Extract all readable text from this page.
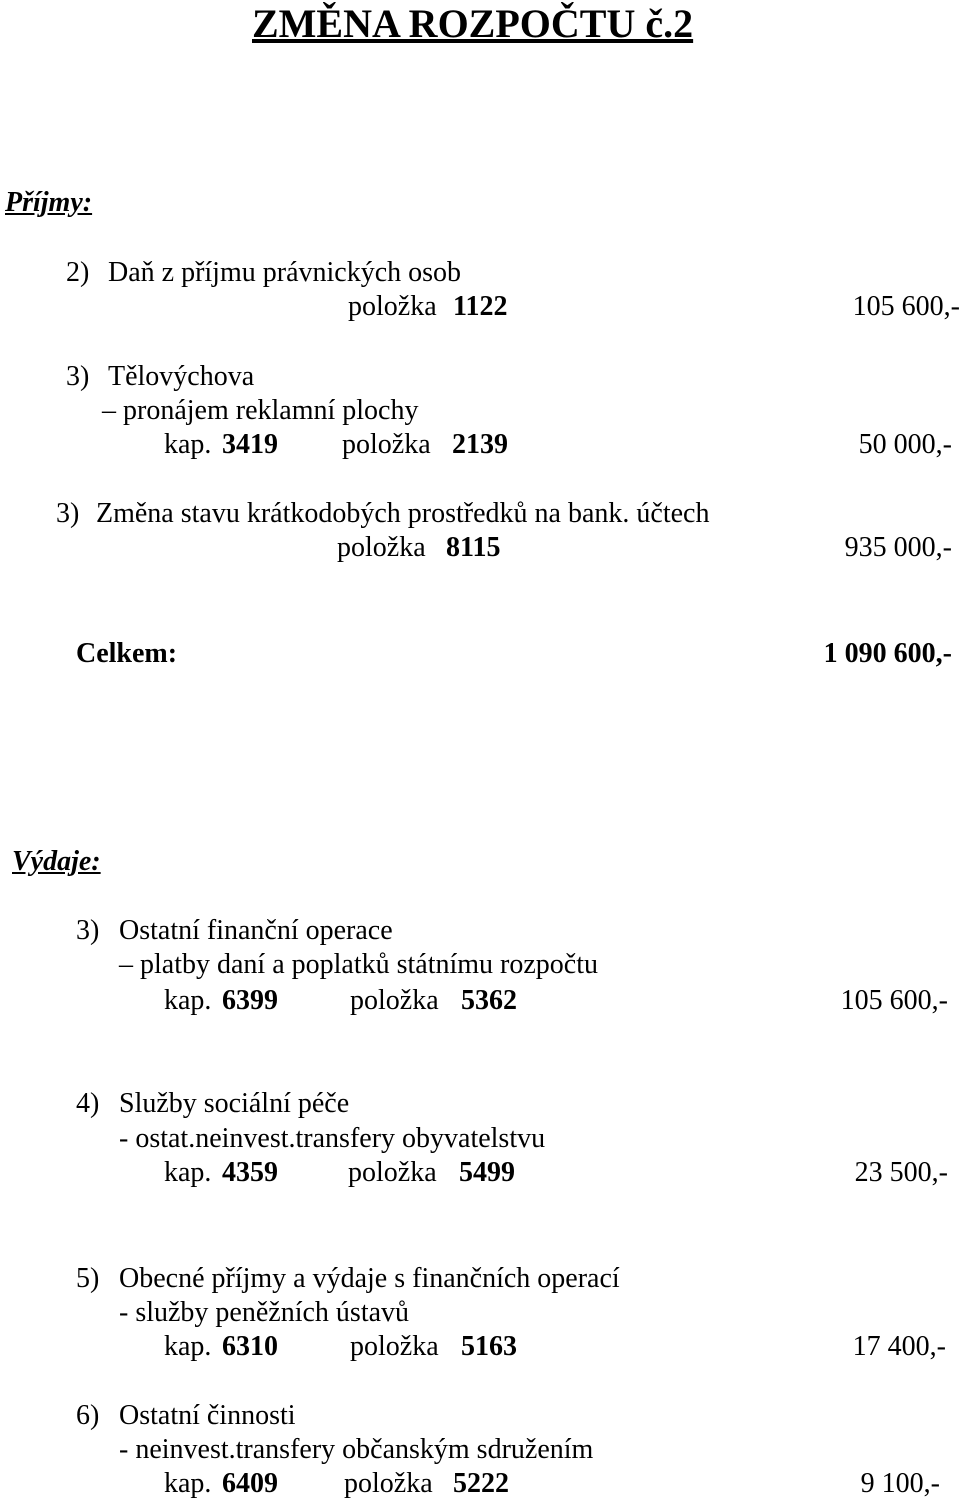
ZMĚNA ROZPOČTU č.2
Příjmy:
2) Daň z příjmu právnických osob
položka 1122	105 600,-
3) Tělovýchova
– pronájem reklamní plochy
kap. 3419 položka 2139	50 000,-
3) Změna stavu krátkodobých prostředků na bank. účtech
položka 8115	935 000,-
Celkem:	1 090 600,-
Výdaje:
3) Ostatní finanční operace
– platby daní a poplatků státnímu rozpočtu
kap. 6399	položka 5362	105 600,-
4) Služby sociální péče
- ostat.neinvest.transfery obyvatelstvu
kap. 4359	položka 5499	23 500,-
5) Obecné příjmy a výdaje s finančních operací
- služby peněžních ústavů
kap. 6310	položka 5163	17 400,-
6) Ostatní činnosti
- neinvest.transfery občanským sdružením
kap. 6409 položka 5222	9 100,-
